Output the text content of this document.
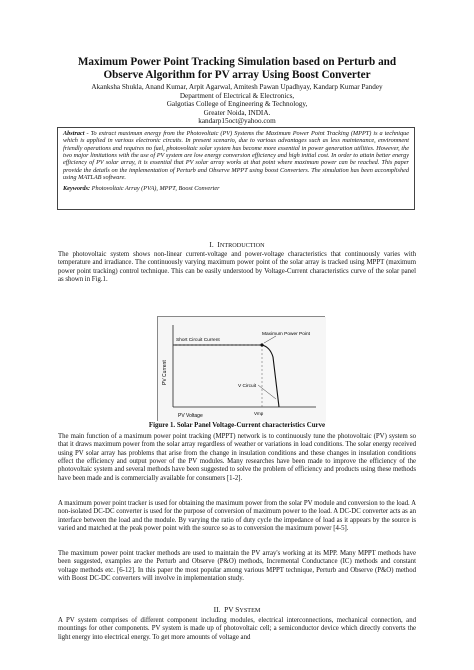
Maximum Power Point Tracking Simulation based on Perturb and
Observe Algorithm for PV array Using Boost Converter
Akanksha Shukla, Anand Kumar, Arpit Agarwal, Amitesh Pawan Upadhyay, Kandarp Kumar Pandey
Department of Electrical & Electronics,
Galgotias College of Engineering & Technology,
Greater Noida, INDIA.
kandarp15oct@yahoo.com
Abstract - To extract maximum energy from the Photovoltaic (PV) Systems the Maximum Power Point Tracking (MPPT) is a technique which is applied in various electronic circuits. In present scenario, due to various advantages such as less maintenance, environment friendly operations and requires no fuel, photovoltaic solar system has become more essential in power generation utilities. However, the two major limitations with the use of PV system are low energy conversion efficiency and high initial cost. In order to attain better energy efficiency of PV solar array, it is essential that PV solar array works at that point where maximum power can be reached. This paper provide the details on the implementation of Perturb and Observe MPPT using boost Converters. The simulation has been accomplished using MATLAB software.
Keywords: Photovoltaic Array (PVA), MPPT, Boost Converter
I. INTRODUCTION
The photovoltaic system shows non-linear current-voltage and power-voltage characteristics that continuously varies with temperature and irradiance. The continuously varying maximum power point of the solar array is tracked using MPPT (maximum power point tracking) control technique. This can be easily understood by Voltage-Current characteristics curve of the solar panel as shown in Fig.1.
Maximum Power Point
Short Circuit Current
V Circuit
Vmp
PV Current
PV Voltage
Figure 1. Solar Panel Voltage-Current characteristics Curve
The main function of a maximum power point tracking (MPPT) network is to continuously tune the photovoltaic (PV) system so that it draws maximum power from the solar array regardless of weather or variations in load conditions. The solar energy received using PV solar array has problems that arise from the change in insulation conditions and these changes in insulation conditions effect the efficiency and output power of the PV modules. Many researches have been made to improve the efficiency of the photovoltaic system and several methods have been suggested to solve the problem of efficiency and products using these methods have been made and is commercially available for consumers [1-2].
A maximum power point tracker is used for obtaining the maximum power from the solar PV module and conversion to the load. A non-isolated DC-DC converter is used for the purpose of conversion of maximum power to the load. A DC-DC converter acts as an interface between the load and the module. By varying the ratio of duty cycle the impedance of load as it appears by the source is varied and matched at the peak power point with the source so as to conversion the maximum power [4-5].
The maximum power point tracker methods are used to maintain the PV array's working at its MPP. Many MPPT methods have been suggested, examples are the Perturb and Observe (P&O) methods, Incremental Conductance (IC) methods and constant voltage methods etc. [6-12]. In this paper the most popular among various MPPT technique, Perturb and Observe (P&O) method with Boost DC-DC converters will involve in implementation study.
II. PV SYSTEM
A PV system comprises of different component including modules, electrical interconnections, mechanical connection, and mountings for other components. PV system is made up of photovoltaic cell; a semiconductor device which directly converts the light energy into electrical energy. To get more amounts of voltage and
